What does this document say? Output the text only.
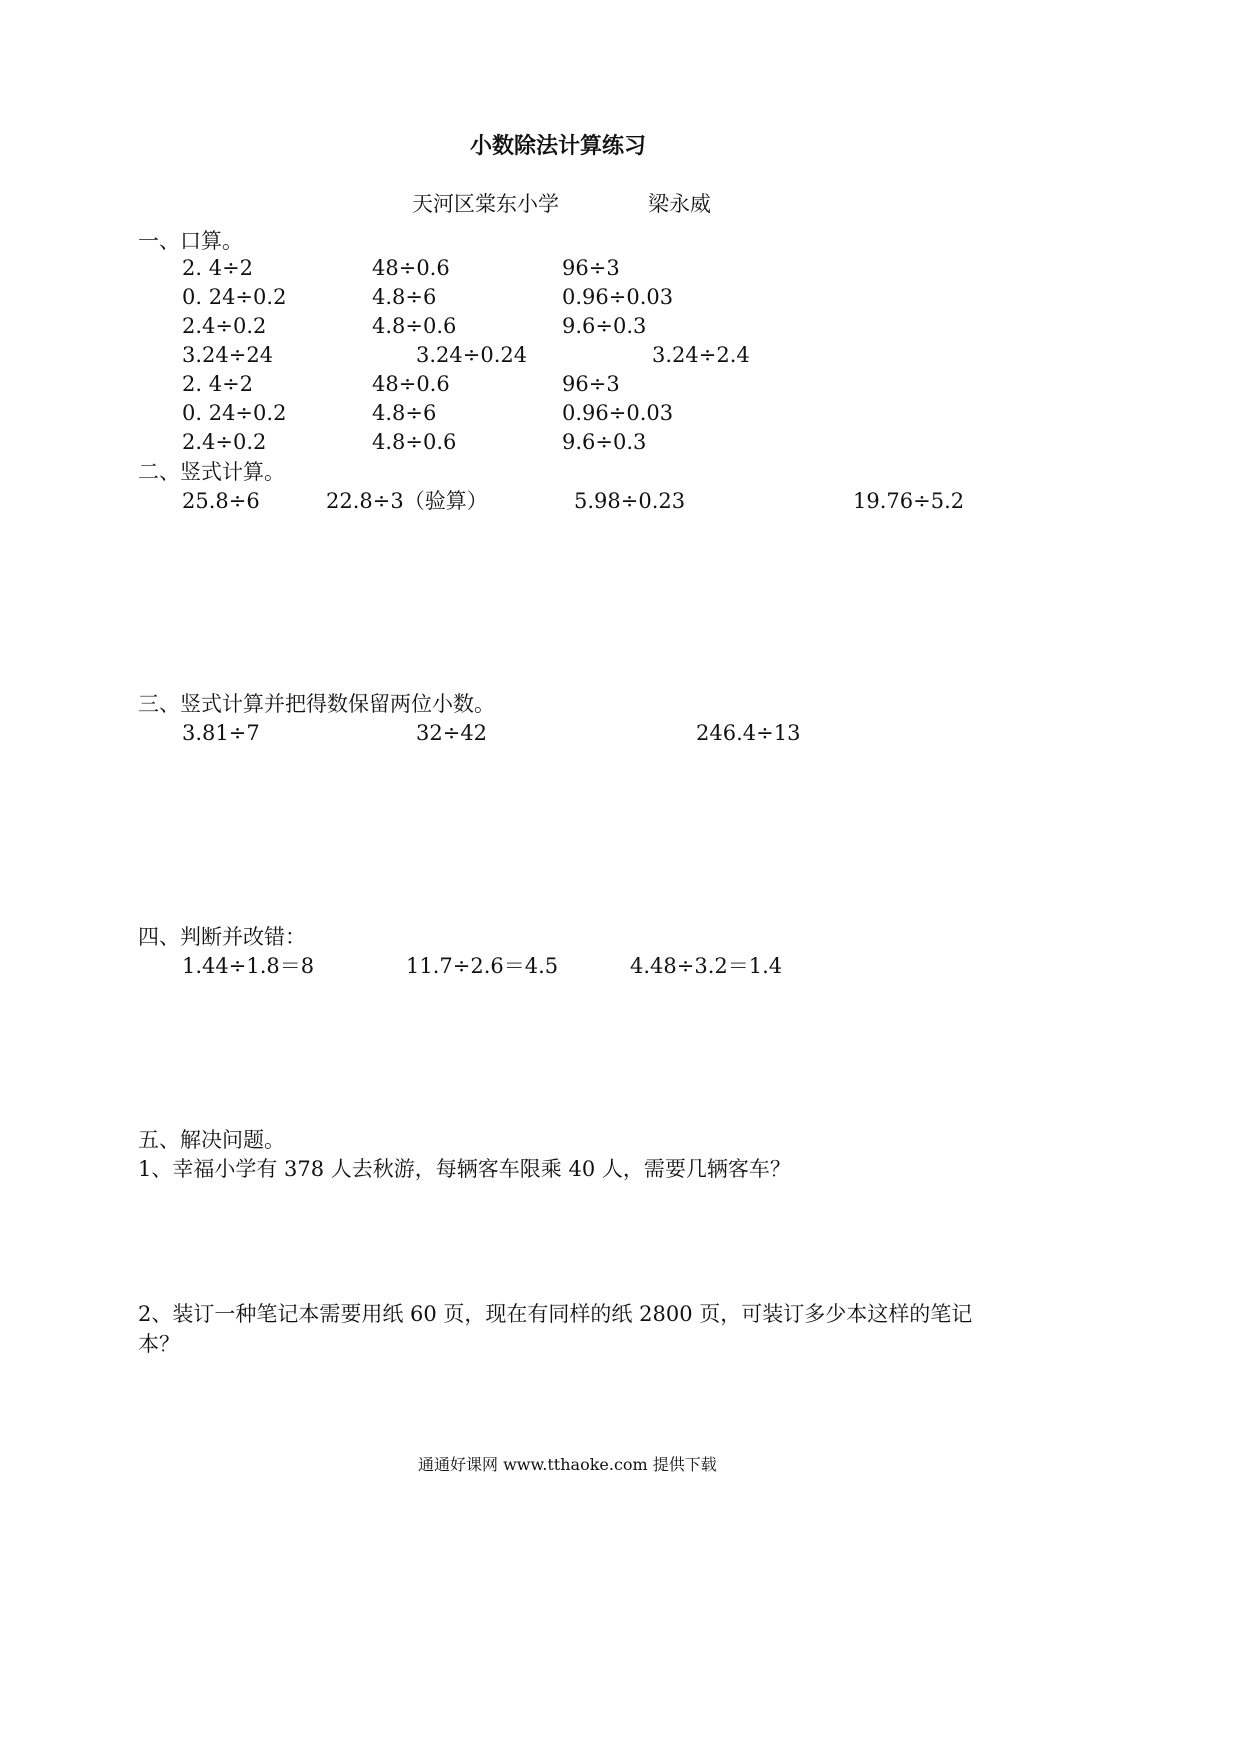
小数除法计算练习
天河区棠东小学	梁永威
一、口算。
2. 4÷2	48÷0.6	96÷3
0. 24÷0.2	4.8÷6	0.96÷0.03
2.4÷0.2	4.8÷0.6	9.6÷0.3
3.24÷24	3.24÷0.24	3.24÷2.4
2. 4÷2	48÷0.6	96÷3
0. 24÷0.2	4.8÷6	0.96÷0.03
2.4÷0.2	4.8÷0.6	9.6÷0.3
二、竖式计算。
25.8÷6	22.8÷3（验算）	5.98÷0.23	19.76÷5.2
三、竖式计算并把得数保留两位小数。
3.81÷7	32÷42	246.4÷13
四、判断并改错：
1.44÷1.8＝8	11.7÷2.6＝4.5	4.48÷3.2＝1.4
五、解决问题。
1、幸福小学有 378 人去秋游，每辆客车限乘 40 人，需要几辆客车？
2、装订一种笔记本需要用纸 60 页，现在有同样的纸 2800 页，可装订多少本这样的笔记
本？
通通好课网 www.tthaoke.com 提供下载
